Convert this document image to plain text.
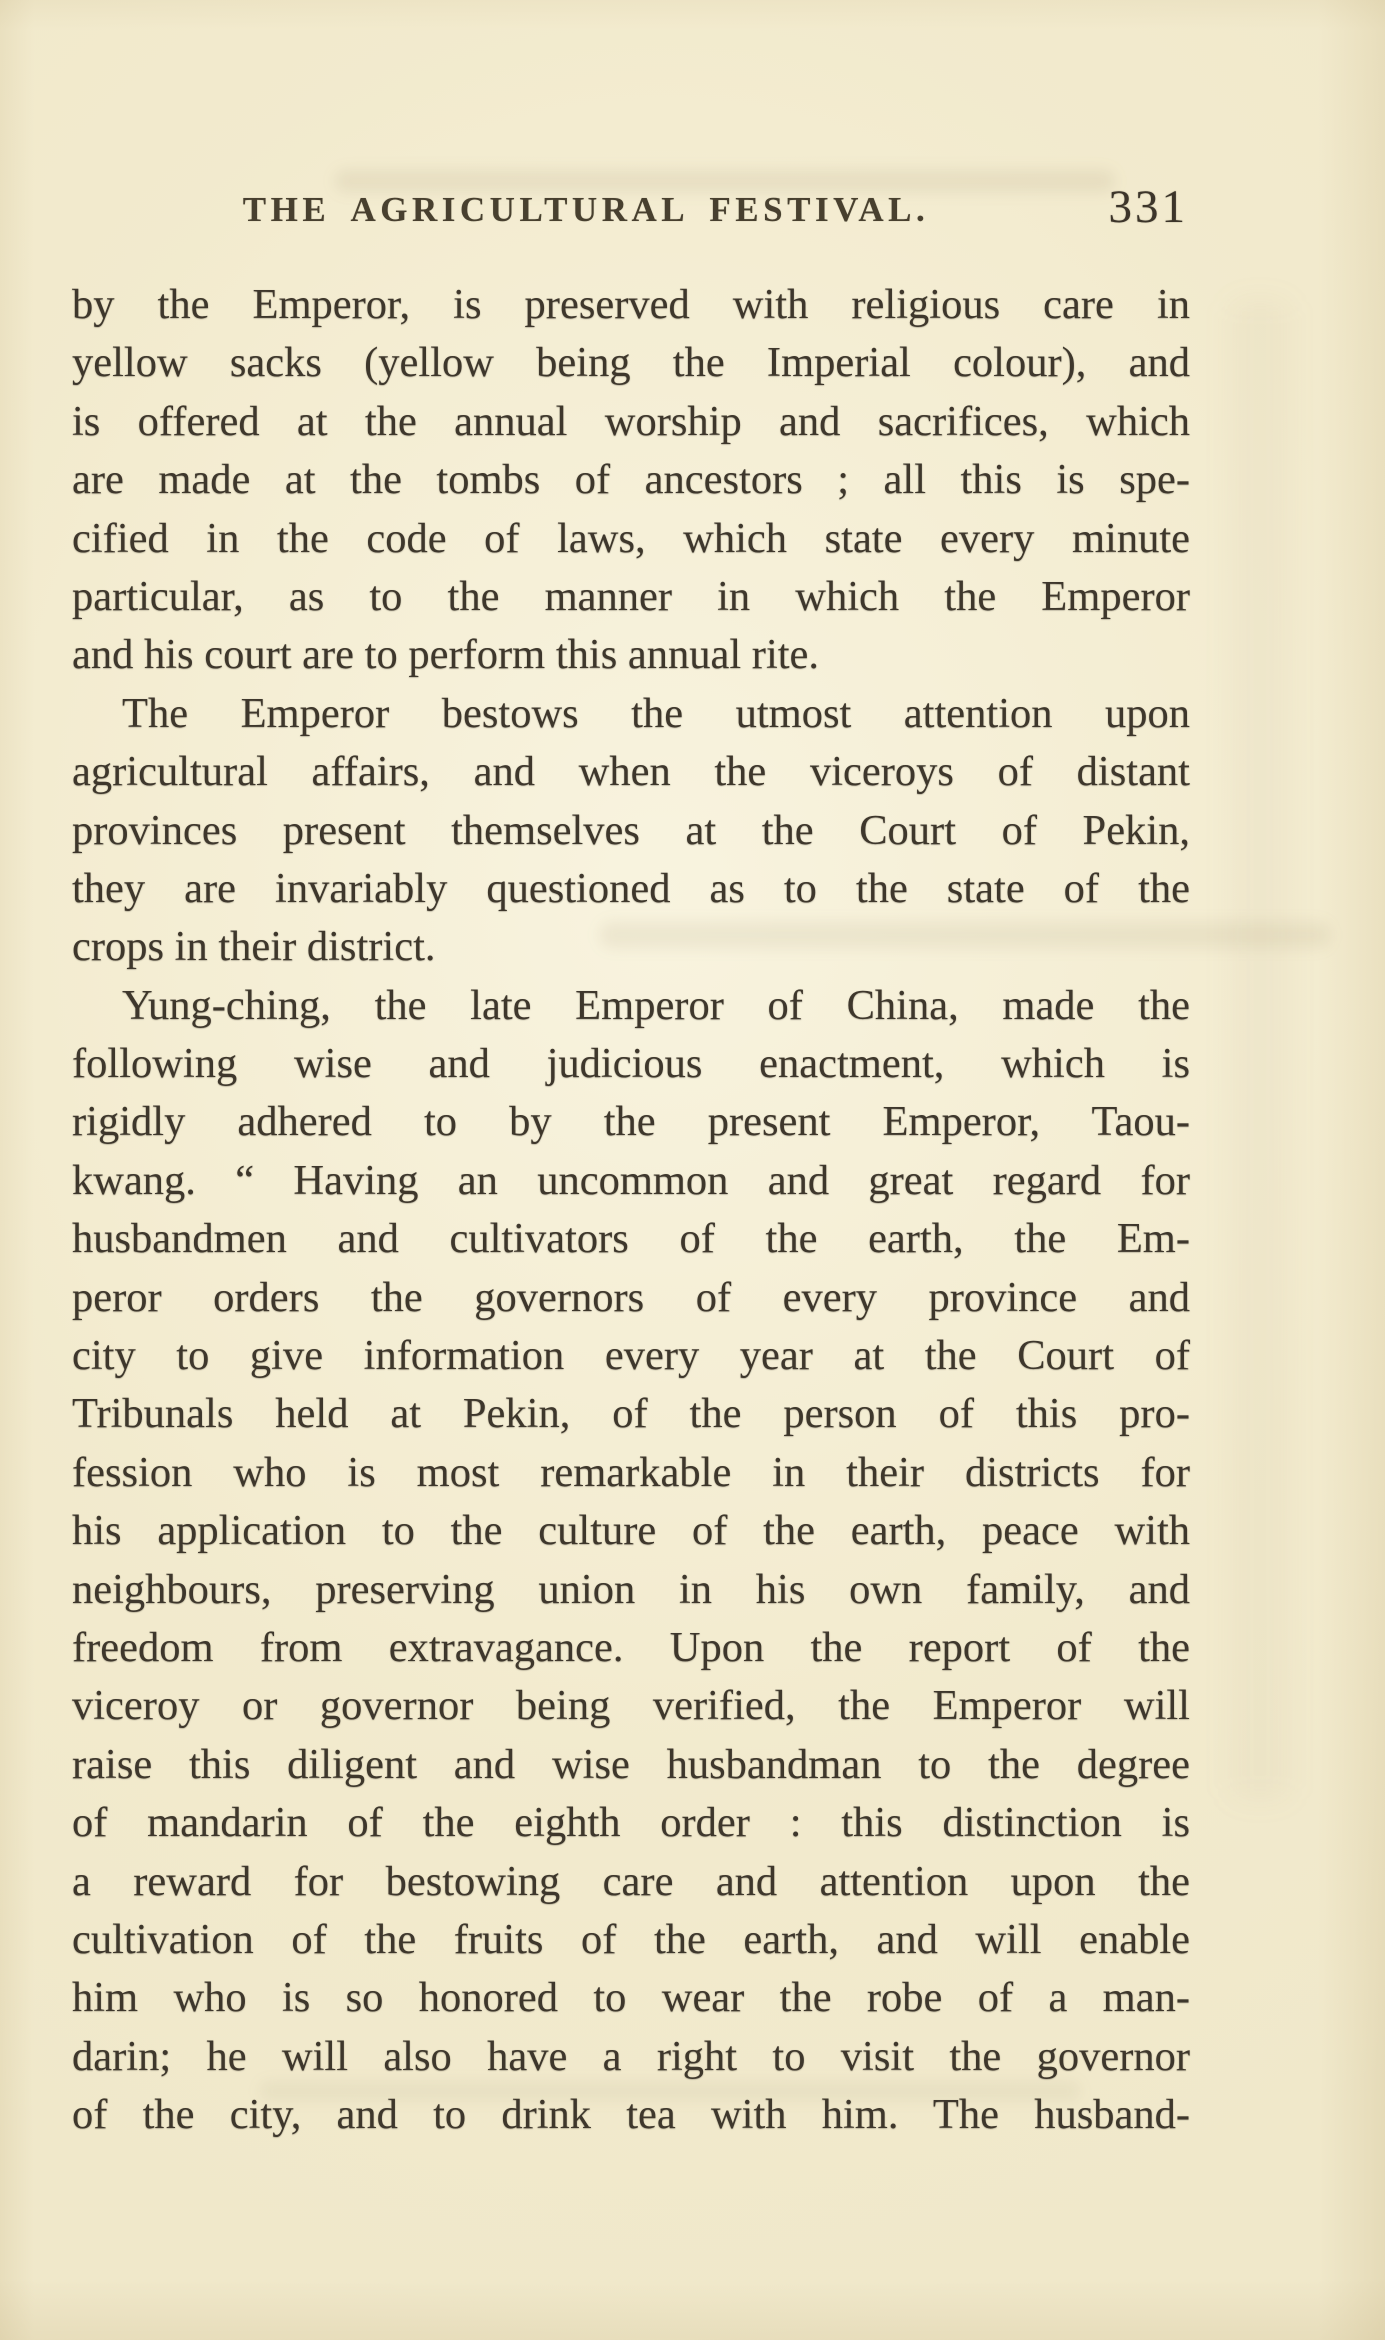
THE AGRICULTURAL FESTIVAL.	331
by the Emperor, is preserved with religious care in
yellow sacks (yellow being the Imperial colour), and
is offered at the annual worship and sacrifices, which
are made at the tombs of ancestors ; all this is spe-
cified in the code of laws, which state every minute
particular, as to the manner in which the Emperor
and his court are to perform this annual rite.
The Emperor bestows the utmost attention upon
agricultural affairs, and when the viceroys of distant
provinces present themselves at the Court of Pekin,
they are invariably questioned as to the state of the
crops in their district.
Yung-ching, the late Emperor of China, made the
following wise and judicious enactment, which is
rigidly adhered to by the present Emperor, Taou-
kwang. “ Having an uncommon and great regard for
husbandmen and cultivators of the earth, the Em-
peror orders the governors of every province and
city to give information every year at the Court of
Tribunals held at Pekin, of the person of this pro-
fession who is most remarkable in their districts for
his application to the culture of the earth, peace with
neighbours, preserving union in his own family, and
freedom from extravagance. Upon the report of the
viceroy or governor being verified, the Emperor will
raise this diligent and wise husbandman to the degree
of mandarin of the eighth order : this distinction is
a reward for bestowing care and attention upon the
cultivation of the fruits of the earth, and will enable
him who is so honored to wear the robe of a man-
darin; he will also have a right to visit the governor
of the city, and to drink tea with him. The husband-
